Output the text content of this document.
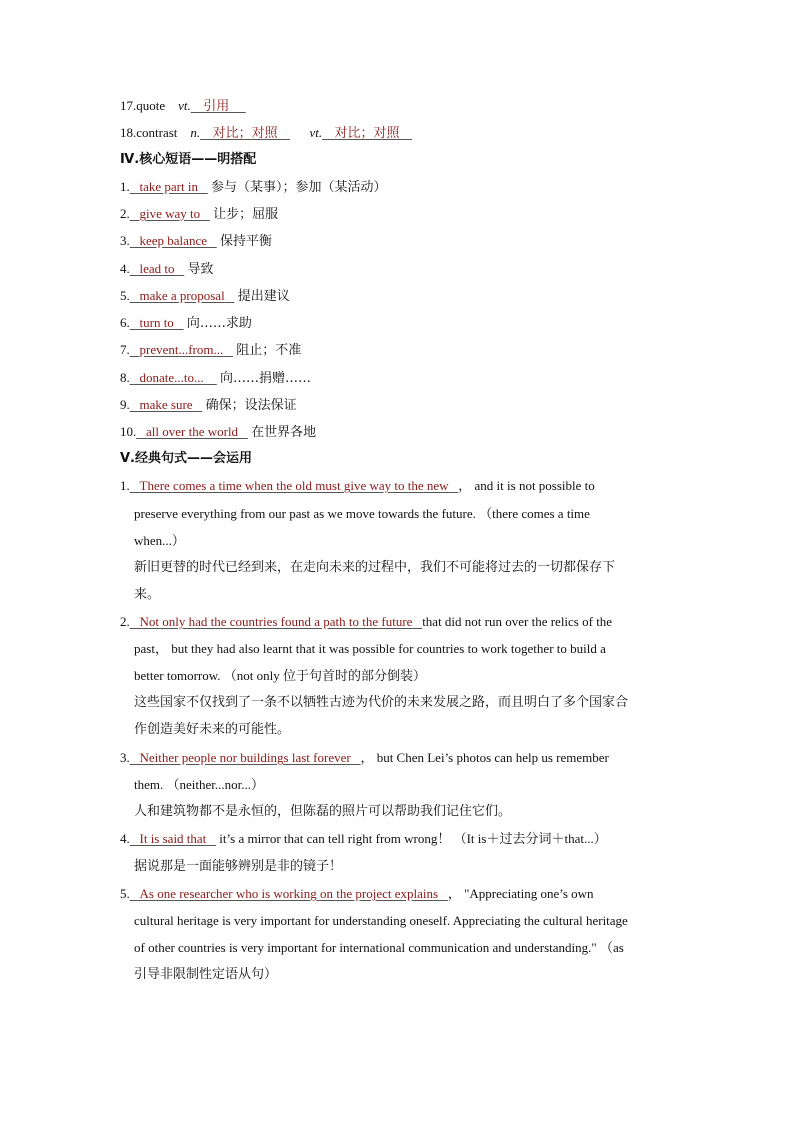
17.quote vt. 引用
18.contrast n. 对比；对照 vt. 对比；对照
Ⅳ.核心短语——明搭配
1. take part in 参与（某事）；参加（某活动）
2. give way to 让步；屈服
3. keep balance 保持平衡
4. lead to 导致
5. make a proposal 提出建议
6. turn to 向……求助
7. prevent...from... 阻止；不准
8. donate...to... 向……捐赠……
9. make sure 确保；设法保证
10. all over the world 在世界各地
Ⅴ.经典句式——会运用
1. There comes a time when the old must give way to the new ， and it is not possible to
preserve everything from our past as we move towards the future. （there comes a time
when...）
新旧更替的时代已经到来，在走向未来的过程中，我们不可能将过去的一切都保存下
来。
2. Not only had the countries found a path to the future that did not run over the relics of the
past， but they had also learnt that it was possible for countries to work together to build a
better tomorrow. （not only 位于句首时的部分倒装）
这些国家不仅找到了一条不以牺牲古迹为代价的未来发展之路，而且明白了多个国家合
作创造美好未来的可能性。
3. Neither people nor buildings last forever ， but Chen Lei’s photos can help us remember
them. （neither...nor...）
人和建筑物都不是永恒的，但陈磊的照片可以帮助我们记住它们。
4. It is said that it’s a mirror that can tell right from wrong！ （It is＋过去分词＋that...）
据说那是一面能够辨别是非的镜子！
5. As one researcher who is working on the project explains ， "Appreciating one’s own
cultural heritage is very important for understanding oneself. Appreciating the cultural heritage
of other countries is very important for international communication and understanding." （as
引导非限制性定语从句）
